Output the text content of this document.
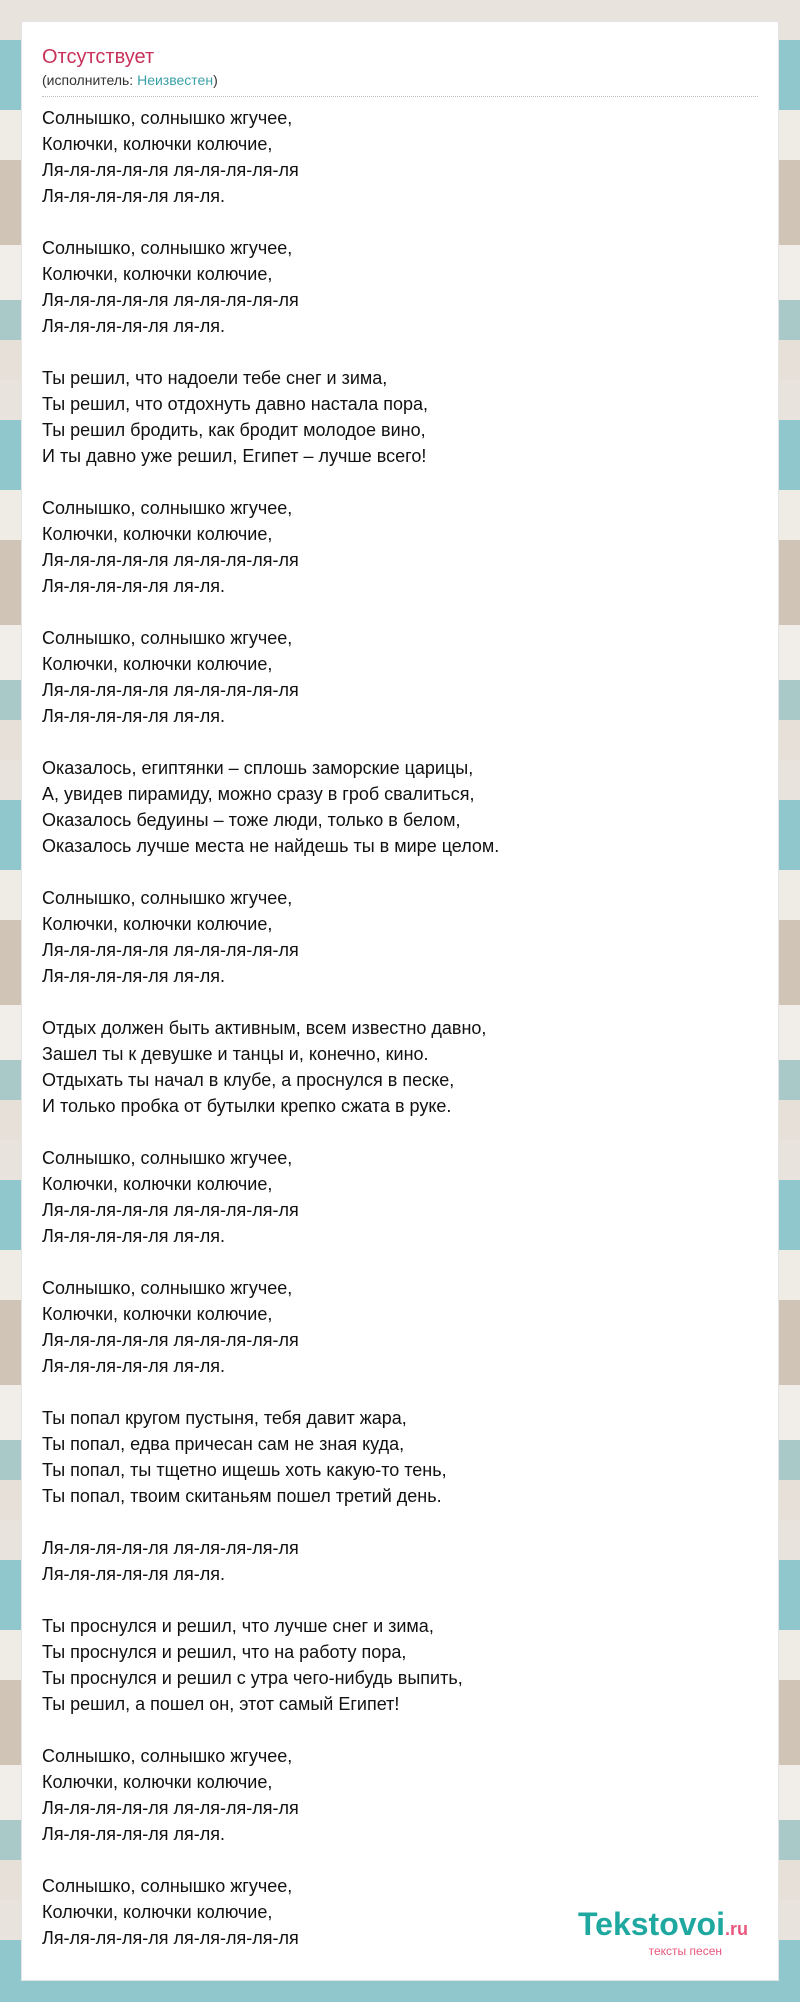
Отсутствует
(исполнитель: Неизвестен)
Солнышко, солнышко жгучее,
Колючки, колючки колючие,
Ля-ля-ля-ля-ля ля-ля-ля-ля-ля
Ля-ля-ля-ля-ля ля-ля.
Солнышко, солнышко жгучее,
Колючки, колючки колючие,
Ля-ля-ля-ля-ля ля-ля-ля-ля-ля
Ля-ля-ля-ля-ля ля-ля.
Ты решил, что надоели тебе снег и зима,
Ты решил, что отдохнуть давно настала пора,
Ты решил бродить, как бродит молодое вино,
И ты давно уже решил, Египет – лучше всего!
Солнышко, солнышко жгучее,
Колючки, колючки колючие,
Ля-ля-ля-ля-ля ля-ля-ля-ля-ля
Ля-ля-ля-ля-ля ля-ля.
Солнышко, солнышко жгучее,
Колючки, колючки колючие,
Ля-ля-ля-ля-ля ля-ля-ля-ля-ля
Ля-ля-ля-ля-ля ля-ля.
Оказалось, египтянки – сплошь заморские царицы,
А, увидев пирамиду, можно сразу в гроб свалиться,
Оказалось бедуины – тоже люди, только в белом,
Оказалось лучше места не найдешь ты в мире целом.
Солнышко, солнышко жгучее,
Колючки, колючки колючие,
Ля-ля-ля-ля-ля ля-ля-ля-ля-ля
Ля-ля-ля-ля-ля ля-ля.
Отдых должен быть активным, всем известно давно,
Зашел ты к девушке и танцы и, конечно, кино.
Отдыхать ты начал в клубе, а проснулся в песке,
И только пробка от бутылки крепко сжата в руке.
Солнышко, солнышко жгучее,
Колючки, колючки колючие,
Ля-ля-ля-ля-ля ля-ля-ля-ля-ля
Ля-ля-ля-ля-ля ля-ля.
Солнышко, солнышко жгучее,
Колючки, колючки колючие,
Ля-ля-ля-ля-ля ля-ля-ля-ля-ля
Ля-ля-ля-ля-ля ля-ля.
Ты попал кругом пустыня, тебя давит жара,
Ты попал, едва причесан сам не зная куда,
Ты попал, ты тщетно ищешь хоть какую-то тень,
Ты попал, твоим скитаньям пошел третий день.
Ля-ля-ля-ля-ля ля-ля-ля-ля-ля
Ля-ля-ля-ля-ля ля-ля.
Ты проснулся и решил, что лучше снег и зима,
Ты проснулся и решил, что на работу пора,
Ты проснулся и решил с утра чего-нибудь выпить,
Ты решил, а пошел он, этот самый Египет!
Солнышко, солнышко жгучее,
Колючки, колючки колючие,
Ля-ля-ля-ля-ля ля-ля-ля-ля-ля
Ля-ля-ля-ля-ля ля-ля.
Солнышко, солнышко жгучее,
Колючки, колючки колючие,
Ля-ля-ля-ля-ля ля-ля-ля-ля-ля	Tekstovoi.ru
тексты песен
